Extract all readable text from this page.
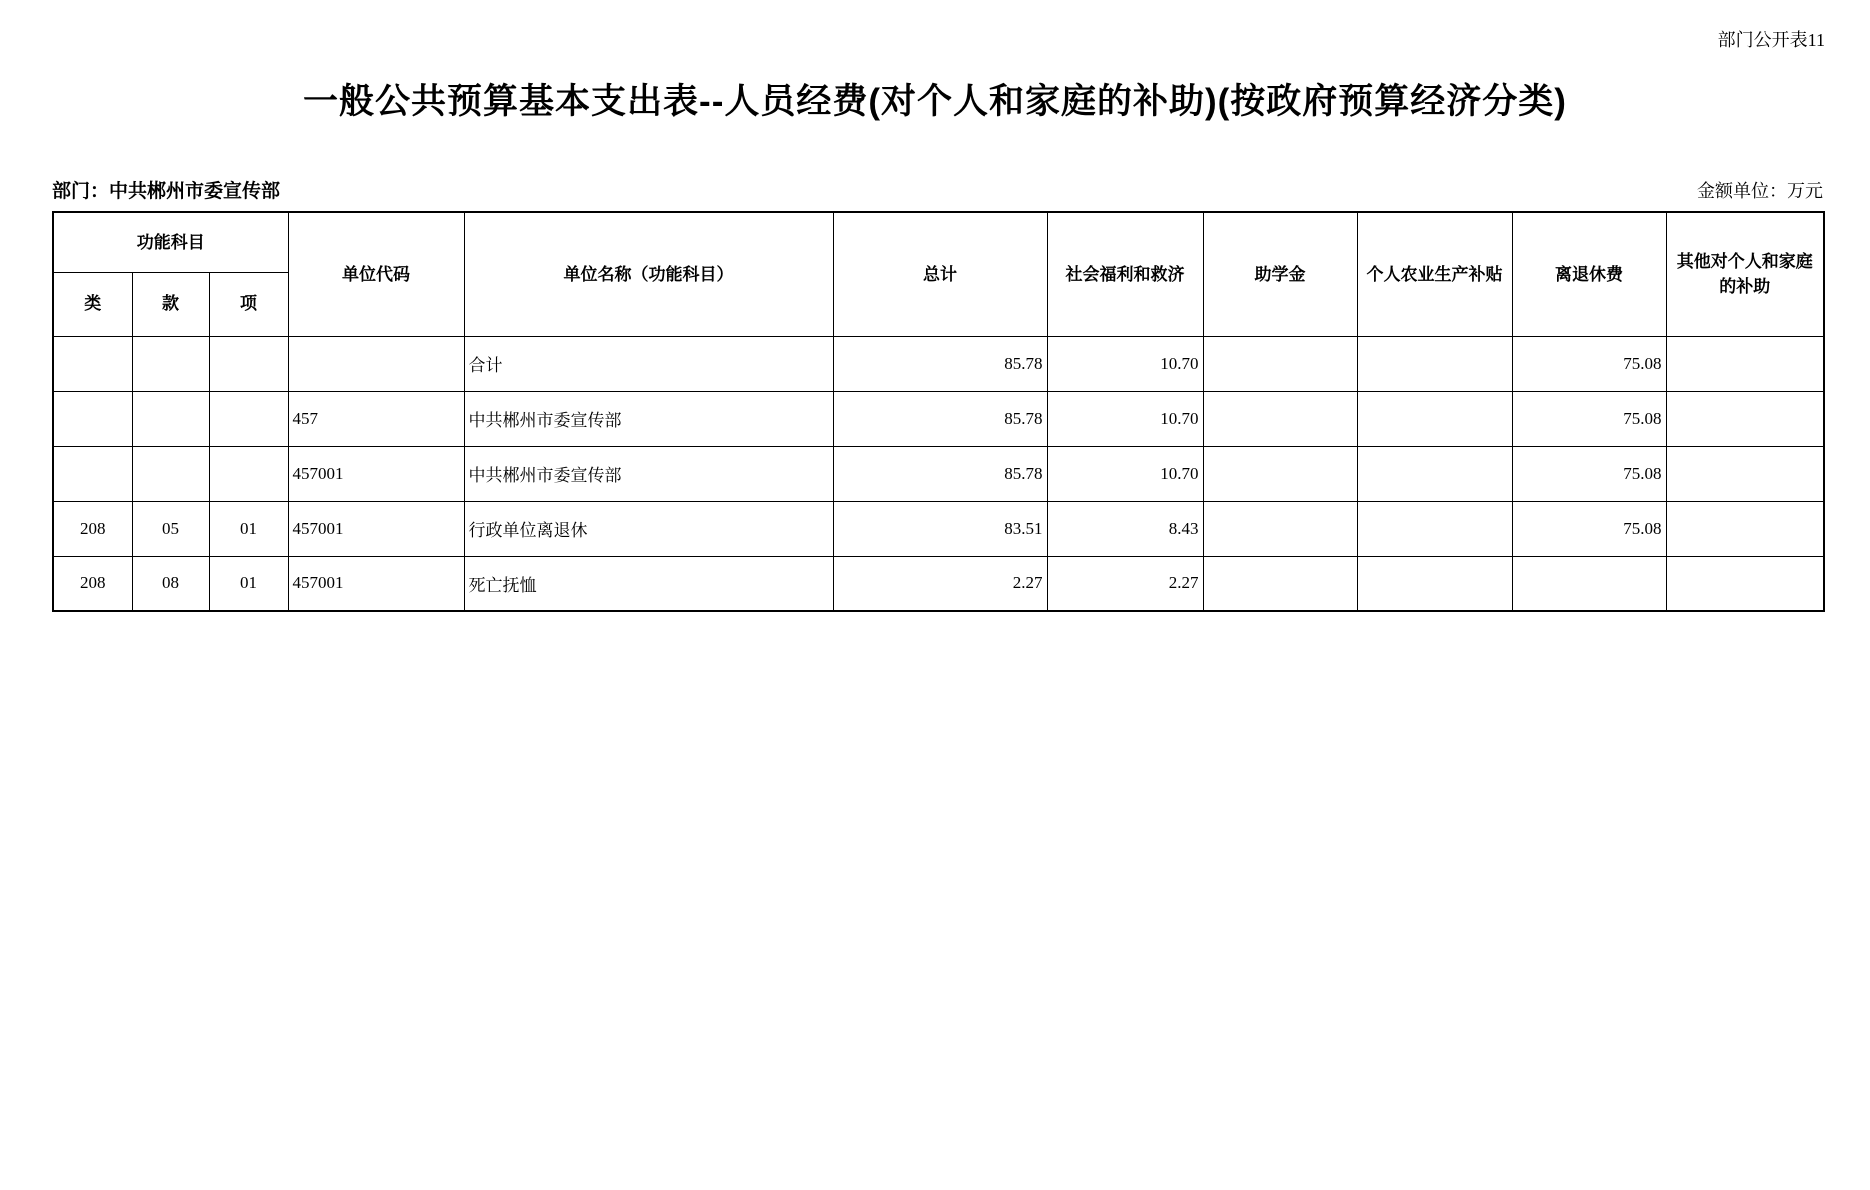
部门公开表11
一般公共预算基本支出表--人员经费(对个人和家庭的补助)(按政府预算经济分类)
部门：中共郴州市委宣传部	金额单位：万元
功能科目			单位代码	单位名称（功能科目）	总计	社会福利和救济	助学金	个人农业生产补贴	离退休费	其他对个人和家庭的补助
类	款	项								
				合计	85.78	10.70			75.08	
			457	中共郴州市委宣传部	85.78	10.70			75.08	
			457001	中共郴州市委宣传部	85.78	10.70			75.08	
208	05	01	457001	行政单位离退休	83.51	8.43			75.08	
208	08	01	457001	死亡抚恤	2.27	2.27				
